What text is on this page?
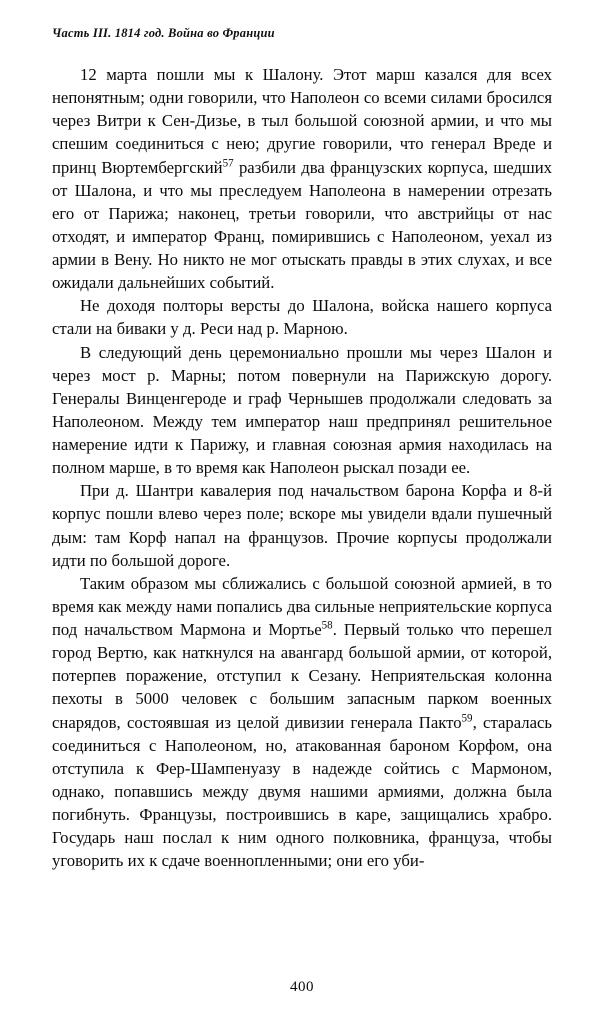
Часть III. 1814 год. Война во Франции

12 марта пошли мы к Шалону. Этот марш казался для всех непонятным; одни говорили, что Наполеон со всеми силами бросился через Витри к Сен-Дизье, в тыл большой союзной армии, и что мы спешим соединиться с нею; другие говорили, что генерал Вреде и принц Вюртембергский$^{57}$ разбили два французских корпуса, шедших от Шалона, и что мы преследуем Наполеона в намерении отрезать его от Парижа; наконец, третьи говорили, что австрийцы от нас отходят, и император Франц, помирившись с Наполеоном, уехал из армии в Вену. Но никто не мог отыскать правды в этих слухах, и все ожидали дальнейших событий.

Не доходя полторы версты до Шалона, войска нашего корпуса стали на биваки у д. Реси над р. Марною.

В следующий день церемониально прошли мы через Шалон и через мост р. Марны; потом повернули на Парижскую дорогу. Генералы Винценгероде и граф Чернышев продолжали следовать за Наполеоном. Между тем император наш предпринял решительное намерение идти к Парижу, и главная союзная армия находилась на полном марше, в то время как Наполеон рыскал позади ее.

При д. Шантри кавалерия под начальством барона Корфа и 8-й корпус пошли влево через поле; вскоре мы увидели вдали пушечный дым: там Корф напал на французов. Прочие корпусы продолжали идти по большой дороге.

Таким образом мы сближались с большой союзной армией, в то время как между нами попались два сильные неприятельские корпуса под начальством Мармона и Мортье$^{58}$. Первый только что перешел город Вертю, как наткнулся на авангард большой армии, от которой, потерпев поражение, отступил к Сезану. Неприятельская колонна пехоты в 5000 человек с большим запасным парком военных снарядов, состоявшая из целой дивизии генерала Пакто$^{59}$, старалась соединиться с Наполеоном, но, атакованная бароном Корфом, она отступила к Фер-Шампенуазу в надежде сойтись с Мармоном, однако, попавшись между двумя нашими армиями, должна была погибнуть. Французы, построившись в каре, защищались храбро. Государь наш послал к ним одного полковника, француза, чтобы уговорить их к сдаче военнопленными; они его уби-

400
